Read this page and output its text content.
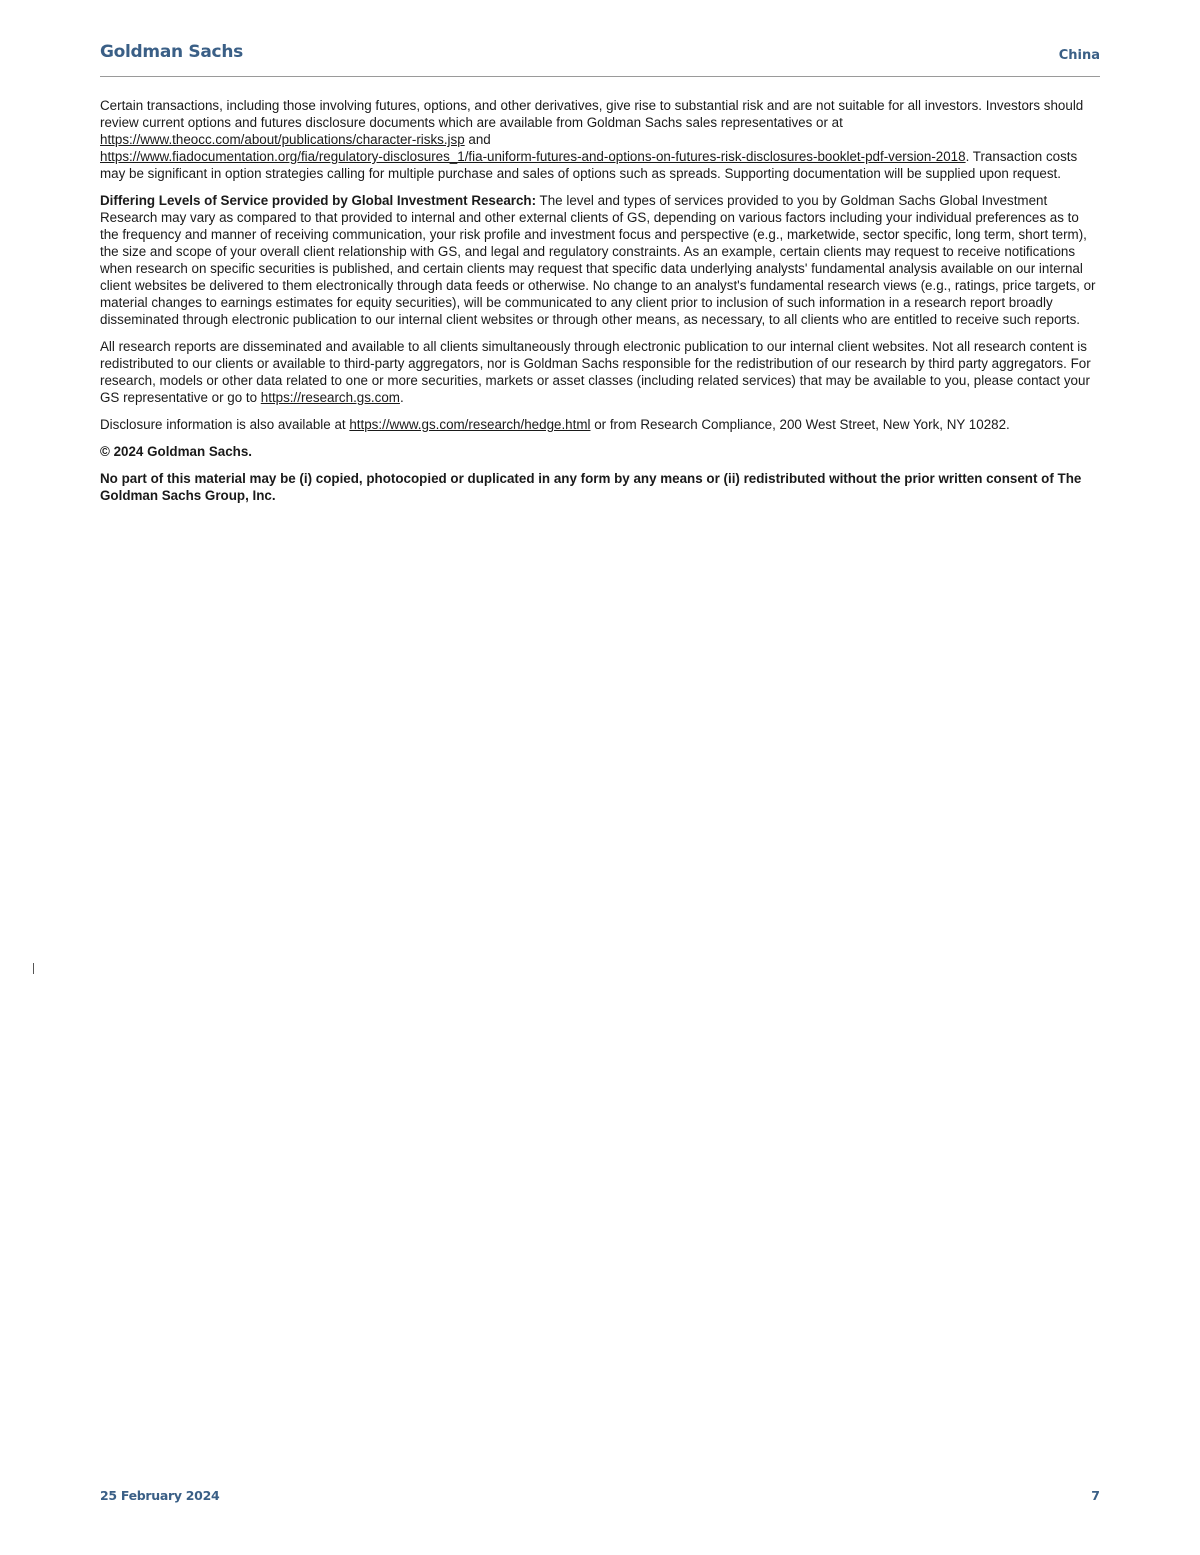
Goldman Sachs	China

Certain transactions, including those involving futures, options, and other derivatives, give rise to substantial risk and are not suitable for all investors. Investors should review current options and futures disclosure documents which are available from Goldman Sachs sales representatives or at https://www.theocc.com/about/publications/character-risks.jsp and
https://www.fiadocumentation.org/fia/regulatory-disclosures_1/fia-uniform-futures-and-options-on-futures-risk-disclosures-booklet-pdf-version-2018. Transaction costs may be significant in option strategies calling for multiple purchase and sales of options such as spreads. Supporting documentation will be supplied upon request.

Differing Levels of Service provided by Global Investment Research: The level and types of services provided to you by Goldman Sachs Global Investment Research may vary as compared to that provided to internal and other external clients of GS, depending on various factors including your individual preferences as to the frequency and manner of receiving communication, your risk profile and investment focus and perspective (e.g., marketwide, sector specific, long term, short term), the size and scope of your overall client relationship with GS, and legal and regulatory constraints. As an example, certain clients may request to receive notifications when research on specific securities is published, and certain clients may request that specific data underlying analysts' fundamental analysis available on our internal client websites be delivered to them electronically through data feeds or otherwise. No change to an analyst's fundamental research views (e.g., ratings, price targets, or material changes to earnings estimates for equity securities), will be communicated to any client prior to inclusion of such information in a research report broadly disseminated through electronic publication to our internal client websites or through other means, as necessary, to all clients who are entitled to receive such reports.

All research reports are disseminated and available to all clients simultaneously through electronic publication to our internal client websites. Not all research content is redistributed to our clients or available to third-party aggregators, nor is Goldman Sachs responsible for the redistribution of our research by third party aggregators. For research, models or other data related to one or more securities, markets or asset classes (including related services) that may be available to you, please contact your GS representative or go to https://research.gs.com.

Disclosure information is also available at https://www.gs.com/research/hedge.html or from Research Compliance, 200 West Street, New York, NY 10282.

© 2024 Goldman Sachs.

No part of this material may be (i) copied, photocopied or duplicated in any form by any means or (ii) redistributed without the prior written consent of The Goldman Sachs Group, Inc.

25 February 2024	7
